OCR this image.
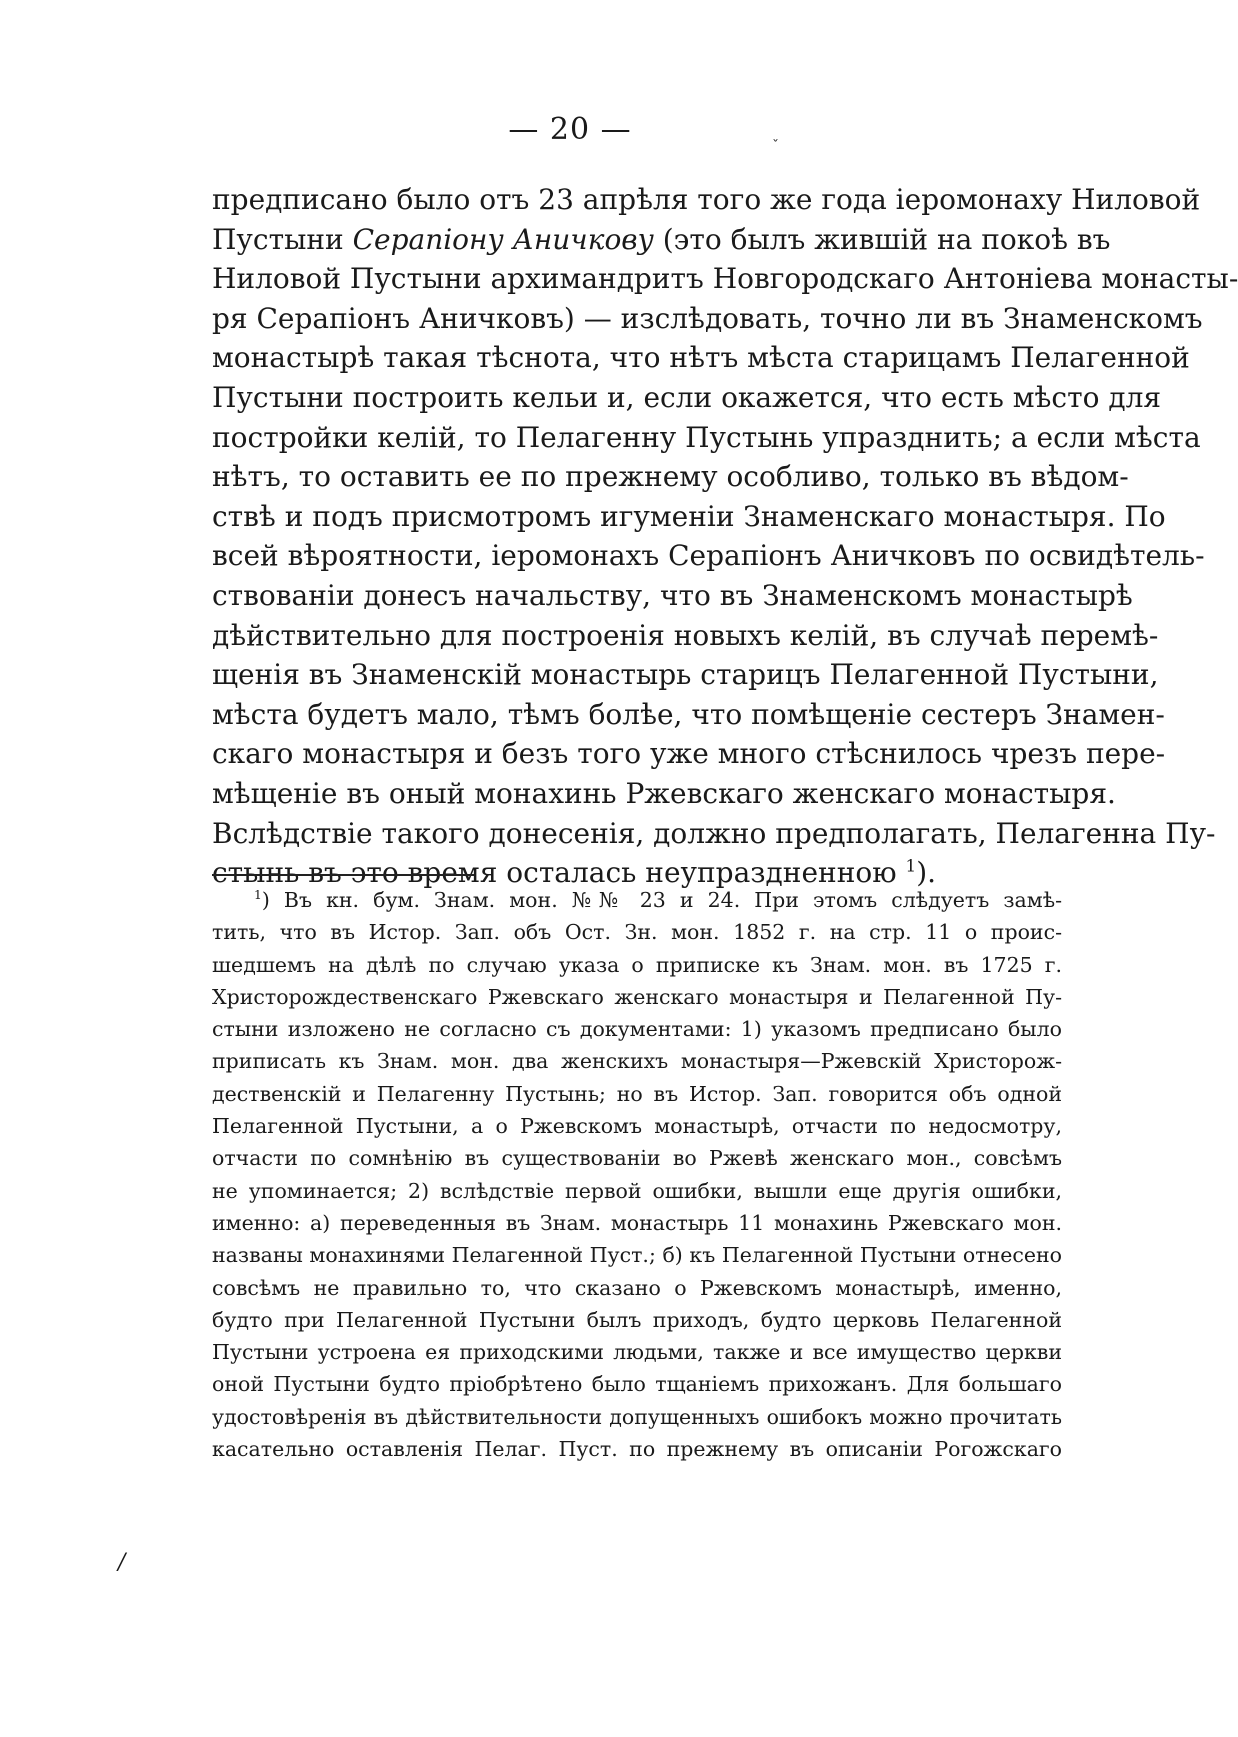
— 20 —	ˇ
предписано было отъ 23 апрѣля того же года іеромонаху Ниловой
Пустыни Серапіону Аничкову (это былъ жившій на покоѣ въ
Ниловой Пустыни архимандритъ Новгородскаго Антоніева монасты-
ря Серапіонъ Аничковъ) — изслѣдовать, точно ли въ Знаменскомъ
монастырѣ такая тѣснота, что нѣтъ мѣста старицамъ Пелагенной
Пустыни построить кельи и, если окажется, что есть мѣсто для
постройки келій, то Пелагенну Пустынь упразднить; а если мѣста
нѣтъ, то оставить ее по прежнему особливо, только въ вѣдом-
ствѣ и подъ присмотромъ игуменіи Знаменскаго монастыря. По
всей вѣроятности, іеромонахъ Серапіонъ Аничковъ по освидѣтель-
ствованіи донесъ начальству, что въ Знаменскомъ монастырѣ
дѣйствительно для построенія новыхъ келій, въ случаѣ перемѣ-
щенія въ Знаменскій монастырь старицъ Пелагенной Пустыни,
мѣста будетъ мало, тѣмъ болѣе, что помѣщеніе сестеръ Знамен-
скаго монастыря и безъ того уже много стѣснилось чрезъ пере-
мѣщеніе въ оный монахинь Ржевскаго женскаго монастыря.
Вслѣдствіе такого донесенія, должно предполагать, Пелагенна Пу-
стынь въ это время осталась неупраздненною $^1$).
$^1$) Въ кн. бум. Знам. мон. №№ 23 и 24. При этомъ слѣдуетъ замѣ-
тить, что въ Истор. Зап. объ Ост. Зн. мон. 1852 г. на стр. 11 о проис-
шедшемъ на дѣлѣ по случаю указа о приписке къ Знам. мон. въ 1725 г.
Христорождественскаго Ржевскаго женскаго монастыря и Пелагенной Пу-
стыни изложено не согласно съ документами: 1) указомъ предписано было
приписать къ Знам. мон. два женскихъ монастыря—Ржевскій Христорож-
дественскій и Пелагенну Пустынь; но въ Истор. Зап. говорится объ одной
Пелагенной Пустыни, а о Ржевскомъ монастырѣ, отчасти по недосмотру,
отчасти по сомнѣнію въ существованіи во Ржевѣ женскаго мон., совсѣмъ
не упоминается; 2) вслѣдствіе первой ошибки, вышли еще другія ошибки,
именно: а) переведенныя въ Знам. монастырь 11 монахинь Ржевскаго мон.
названы монахинями Пелагенной Пуст.; б) къ Пелагенной Пустыни отнесено
совсѣмъ не правильно то, что сказано о Ржевскомъ монастырѣ, именно,
будто при Пелагенной Пустыни былъ приходъ, будто церковь Пелагенной
Пустыни устроена ея приходскими людьми, также и все имущество церкви
оной Пустыни будто пріобрѣтено было тщаніемъ прихожанъ. Для большаго
удостовѣренія въ дѣйствительности допущенныхъ ошибокъ можно прочитать
касательно оставленія Пелаг. Пуст. по прежнему въ описаніи Рогожскаго
/
